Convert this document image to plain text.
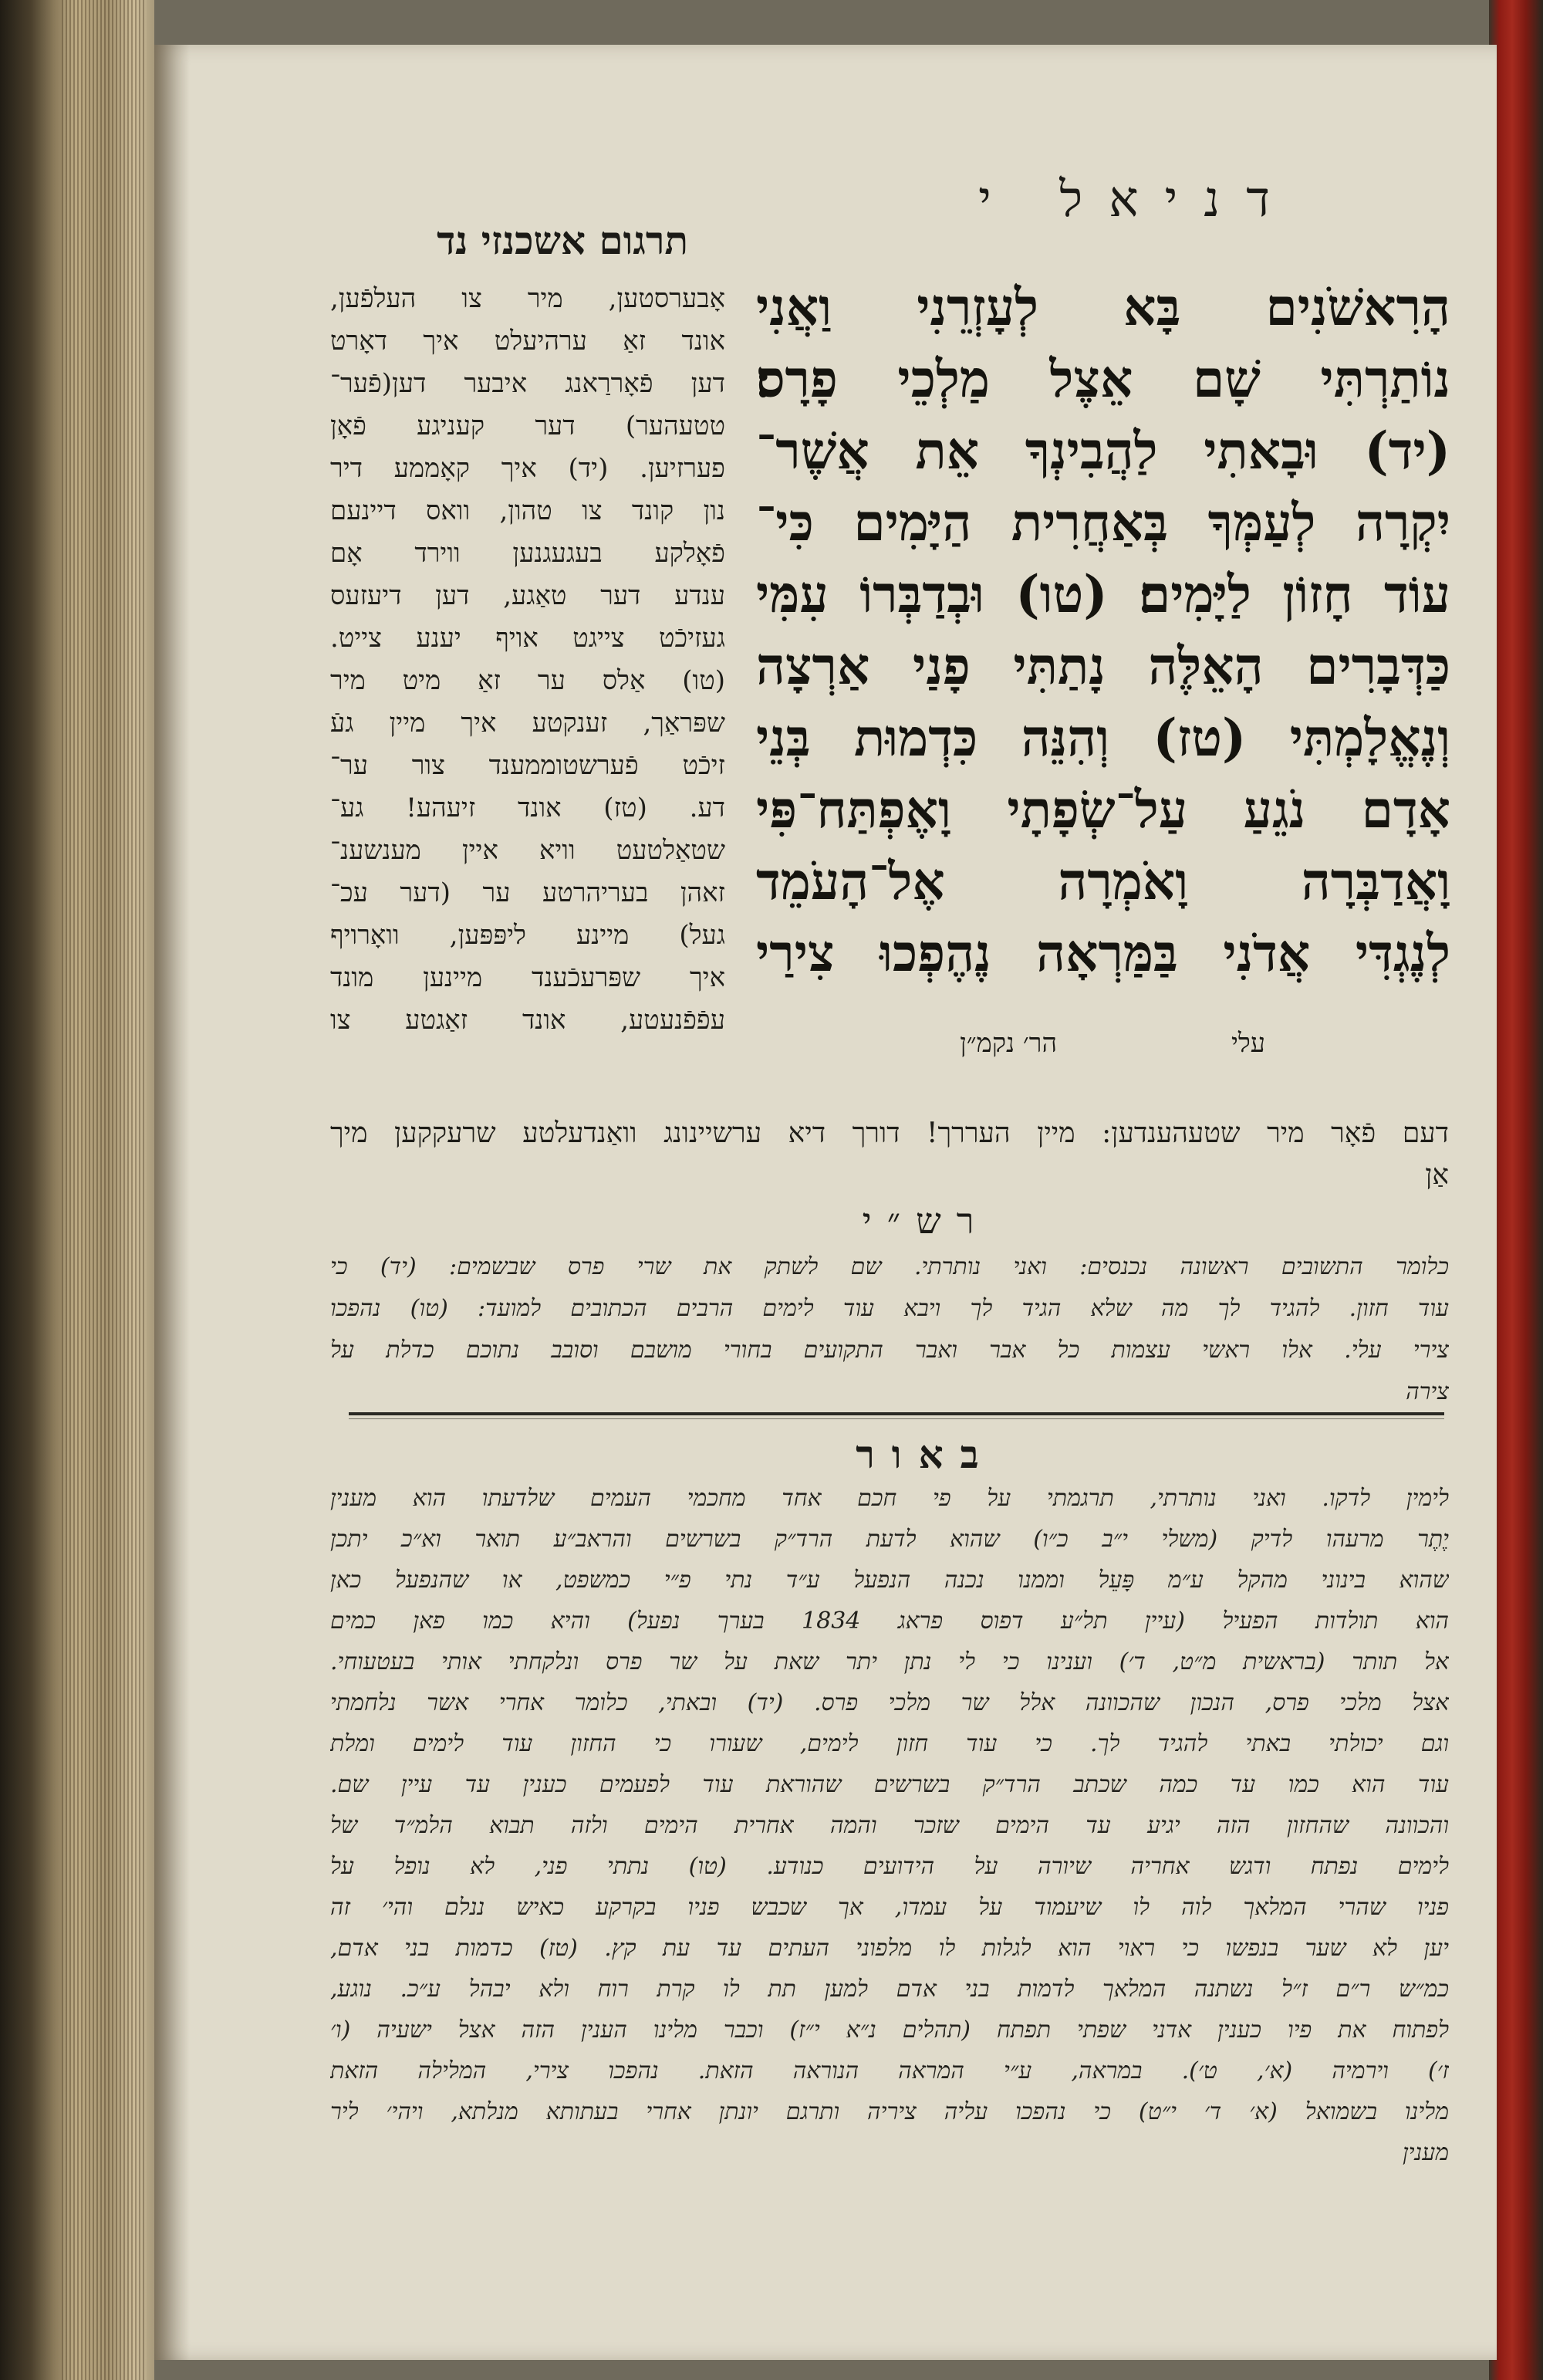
דניאל י
תרגום אשכנזי נד
הָרִאשֹׁנִים בָּא לְעָזְרֵנִי וַאֲנִי
נוֹתַרְתִּי שָׁם אֵצֶל מַלְכֵי פָרָס׃
(יד) וּבָאתִי לַהֲבִינְךָ אֵת אֲשֶׁר־
יִקְרָה לְעַמְּךָ בְּאַחֲרִית הַיָּמִים כִּי־
עוֹד חָזוֹן לַיָּמִים׃ (טו) וּבְדַבְּרוֹ עִמִּי
כַּדְּבָרִים הָאֵלֶּה נָתַתִּי פָנַי אַרְצָה
וְנֶאֱלָמְתִּי (טז) וְהִנֵּה כִּדְמוּת בְּנֵי
אָדָם נֹגֵעַ עַל־שְׂפָתָי וָאֶפְתַּח־פִּי
וָאֲדַבְּרָה וָאֹמְרָה אֶל־הָעֹמֵד
לְנֶגְדִּי אֲדֹנִי בַּמַּרְאָה נֶהֶפְכוּ צִירַי
אָבערסטען, מיר צו העלפֿען,
אונד זאַ ערהיעלט איך דאָרט
דען פֿאָררַאנג איבער דען(פֿער־
טטעהער) דער קעניגע פֿאָן
פערזיען. (יד) איך קאָממע דיר
נון קונד צו טהון, וואס דיינעם
פֿאָלקע בעגעגנען ווירד אָם
ענדע דער טאַגע, דען דיעזעס
געזיכֿט צייגט אויף יענע צייט.
(טו) אַלס ער זאַ מיט מיר
שפּראַך, זענקטע איך מיין געֿ
זיכֿט פֿערשטוממענד צור ער־
דע. (טז) אונד זיעהע! גע־
שטאַלטעט וויא איין מענשענ־
זאהן בעריהרטע ער (דער עכ־
געל) מיינע ליפּפּען, וואָרויף
איך שפּרעכֿענד מיינען מונד
עפֿפֿנעטע, אונד זאַגטע צו
הר׳ נקמ״ן	עלי
דעם פֿאָר מיר שטעהענדען: מיין העררך! דורך דיא ערשיינונג וואַנדעלטע שרעקקען מיך
אַן
רש״י
כלומר התשובים ראשונה נכנסים: ואני נותרתי. שם לשתק את שרי פרס שבשמים: (יד) כי
עוד חזון. להגיד לך מה שלא הגיד לך ויבא עוד לימים הרבים הכתובים למועד: (טו) נהפכו
צירי עלי. אלו ראשי עצמות כל אבר ואבר התקועים בחורי מושבם וסובב נתוכם כדלת על
צירה
באור
לימין לדקו. ואני נותרתי, תרגמתי על פי חכם אחד מחכמי העמים שלדעתו הוא מענין
יֶתֶר מרעהו לדיק (משלי י״ב כ״ו) שהוא לדעת הרד״ק בשרשים והראב״ע תואר וא״כ יתכן
שהוא בינוני מהקל ע״מ פָּעֵל וממנו נכנה הנפעל ע״ד נתי פ״י כמשפט, או שהנפעל כאן
הוא תולדות הפעיל (עיין תל״ע דפוס פראג 1834 בערך נפעל) והיא כמו פאן כמים
אל תותר (בראשית מ״ט, ד׳) וענינו כי לי נתן יתר שאת על שר פרס ונלקחתי אותי בעטעוחי.
אצל מלכי פרס, הנכון שהכוונה אלל שר מלכי פרס. (יד) ובאתי, כלומר אחרי אשר נלחמתי
וגם יכולתי באתי להגיד לך. כי עוד חזון לימים, שעורו כי החזון עוד לימים ומלת
עוד הוא כמו עד כמה שכתב הרד״ק בשרשים שהוראת עוד לפעמים כענין עד עיין שם.
והכוונה שהחזון הזה יגיע עד הימים שזכר והמה אחרית הימים ולזה תבוא הלמ״ד של
לימים נפתח ודגש אחריה שיורה על הידועים כנודע. (טו) נתתי פני, לא נופל על
פניו שהרי המלאך לוה לו שיעמוד על עמדו, אך שכבש פניו בקרקע כאיש ננלם והי׳ זה
יען לא שער בנפשו כי ראוי הוא לגלות לו מלפוני העתים עד עת קץ. (טז) כדמות בני אדם,
כמ״ש ר״ם ז״ל נשתנה המלאך לדמות בני אדם למען תת לו קרת רוח ולא יבהל ע״כ. נוגע,
לפתוח את פיו כענין אדני שפתי תפתח (תהלים נ״א י״ז) וכבר מלינו הענין הזה אצל ישעיה (ו׳
ז׳) וירמיה (א׳, ט׳). במראה, ע״י המראה הנוראה הזאת. נהפכו צירי, המלילה הזאת
מלינו בשמואל (א׳ ד׳ י״ט) כי נהפכו עליה ציריה ותרגם יונתן אחרי בעתותא מנלתא, ויהי׳ ליר
מענין
